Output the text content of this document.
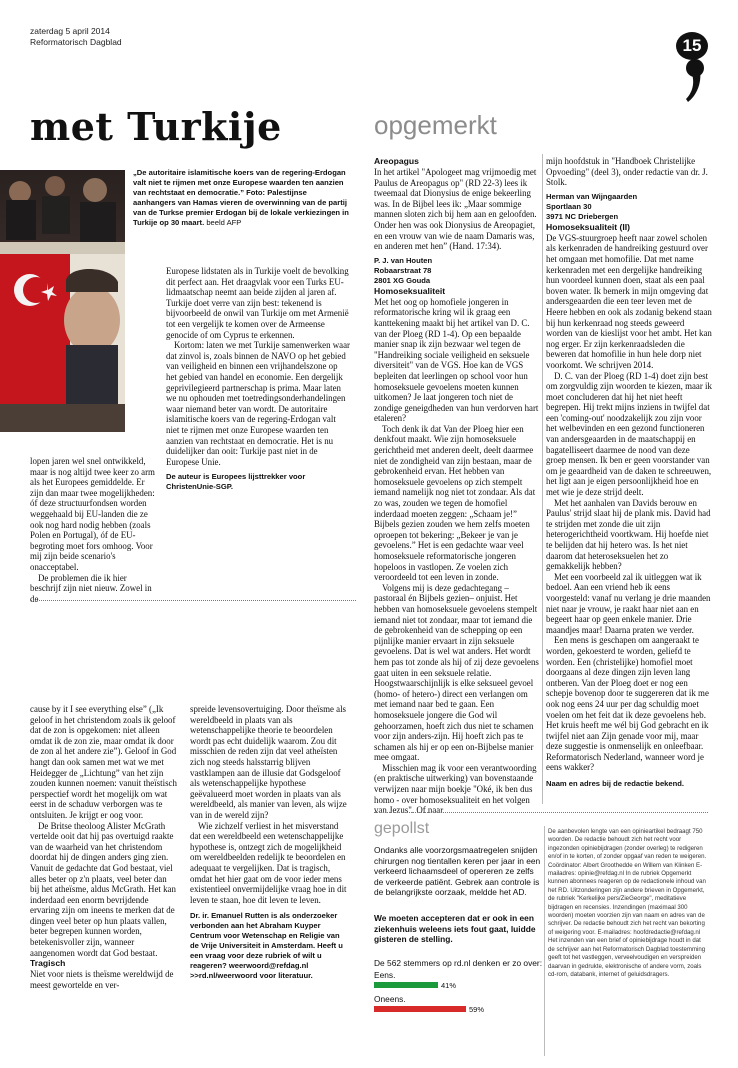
zaterdag 5 april 2014
Reformatorisch Dagblad	15
met Turkije	opgemerkt
„De autoritaire islamitische koers van de regering-Erdogan valt niet te rijmen met onze Europese waarden ten aanzien van rechtstaat en democratie.” Foto: Palestijnse aanhangers van Hamas vieren de overwinning van de partij van de Turkse premier Erdogan bij de lokale verkiezingen in Turkije op 30 maart. beeld AFP

lopen jaren wel snel ontwikkeld, maar is nog altijd twee keer zo arm als het Europees gemiddelde. Er zijn dan maar twee mogelijkheden: óf deze structuurfondsen worden weggehaald bij EU-landen die ze ook nog hard nodig hebben (zoals Polen en Portugal), óf de EU-begroting moet fors omhoog. Voor mij zijn beide scenario's onacceptabel.

De problemen die ik hier beschrijf zijn niet nieuw. Zowel in de

Europese lidstaten als in Turkije voelt de bevolking dit perfect aan. Het draagvlak voor een Turks EU-lidmaatschap neemt aan beide zijden al jaren af. Turkije doet verre van zijn best: tekenend is bijvoorbeeld de onwil van Turkije om met Armenië tot een vergelijk te komen over de Armeense genocide of om Cyprus te erkennen.

Kortom: laten we met Turkije samenwerken waar dat zinvol is, zoals binnen de NAVO op het gebied van veiligheid en binnen een vrijhandelszone op het gebied van handel en economie. Een dergelijk geprivilegieerd partnerschap is prima. Maar laten we nu ophouden met toetredingsonderhandelingen waar niemand beter van wordt. De autoritaire islamitische koers van de regering-Erdogan valt niet te rijmen met onze Europese waarden ten aanzien van rechtstaat en democratie. Het is nu duidelijker dan ooit: Turkije past niet in de Europese Unie.

De auteur is Europees lijsttrekker voor ChristenUnie-SGP.

cause by it I see everything else” („Ik geloof in het christendom zoals ik geloof dat de zon is opgekomen: niet alleen omdat ik de zon zie, maar omdat ik door de zon al het andere zie”). Geloof in God hangt dan ook samen met wat we met Heidegger de „Lichtung” van het zijn zouden kunnen noemen: vanuit theïstisch perspectief wordt het mogelijk om wat eerst in de schaduw verborgen was te ontsluiten. Je krijgt er oog voor.

De Britse theoloog Alister McGrath vertelde ooit dat hij pas overtuigd raakte van de waarheid van het christendom doordat hij de dingen anders ging zien. Vanuit de gedachte dat God bestaat, viel alles beter op z'n plaats, veel beter dan bij het atheïsme, aldus McGrath. Het kan inderdaad een enorm bevrijdende ervaring zijn om ineens te merken dat de dingen veel beter op hun plaats vallen, beter begrepen kunnen worden, betekenisvoller zijn, wanneer aangenomen wordt dat God bestaat.

Tragisch

Niet voor niets is theïsme wereldwijd de meest gewortelde en ver-

spreide levensovertuiging. Door theïsme als wereldbeeld in plaats van als wetenschappelijke theorie te beoordelen wordt pas echt duidelijk waarom. Zou dit misschien de reden zijn dat veel atheïsten zich nog steeds halsstarrig blijven vastklampen aan de illusie dat Godsgeloof als wetenschappelijke hypothese geëvalueerd moet worden in plaats van als wereldbeeld, als manier van leven, als wijze van in de wereld zijn?

Wie zichzelf verliest in het misverstand dat een wereldbeeld een wetenschappelijke hypothese is, ontzegt zich de mogelijkheid om wereldbeelden redelijk te beoordelen en adequaat te vergelijken. Dat is tragisch, omdat het hier gaat om de voor ieder mens existentieel onvermijdelijke vraag hoe in dit leven te staan, hoe dit leven te leven.

Dr. ir. Emanuel Rutten is als onderzoeker verbonden aan het Abraham Kuyper Centrum voor Wetenschap en Religie van de Vrije Universiteit in Amsterdam. Heeft u een vraag voor deze rubriek of wilt u reageren? weerwoord@refdag.nl >>rd.nl/weerwoord voor literatuur.

Areopagus

In het artikel "Apologeet mag vrijmoedig met Paulus de Areopagus op" (RD 22-3) lees ik tweemaal dat Dionysius de enige bekeerling was. In de Bijbel lees ik: „Maar sommige mannen sloten zich bij hem aan en geloofden. Onder hen was ook Dionysius de Areopagiet, en een vrouw van wie de naam Damaris was, en anderen met hen” (Hand. 17:34).

P. J. van Houten
Robaarstraat 78
2801 XG Gouda

Homoseksualiteit

Met het oog op homofiele jongeren in reformatorische kring wil ik graag een kanttekening maakt bij het artikel van D. C. van der Ploeg (RD 1-4). Op een bepaalde manier snap ik zijn bezwaar wel tegen de "Handreiking sociale veiligheid en seksuele diversiteit" van de VGS. Hoe kan de VGS bepleiten dat leerlingen op school voor hun homoseksuele gevoelens moeten kunnen uitkomen? Je laat jongeren toch niet de zondige geneigdheden van hun verdorven hart etaleren?

Toch denk ik dat Van der Ploeg hier een denkfout maakt. Wie zijn homoseksuele gerichtheid met anderen deelt, deelt daarmee niet de zondigheid van zijn bestaan, maar de gebrokenheid ervan. Het hebben van homoseksuele gevoelens op zich stempelt iemand namelijk nog niet tot zondaar. Als dat zo was, zouden we tegen de homofiel inderdaad moeten zeggen: „Schaam je!” Bijbels gezien zouden we hem zelfs moeten oproepen tot bekering: „Bekeer je van je gevoelens.” Het is een gedachte waar veel homoseksuele reformatorische jongeren hopeloos in vastlopen. Ze voelen zich veroordeeld tot een leven in zonde.

Volgens mij is deze gedachtegang –pastoraal én Bijbels gezien– onjuist. Het hebben van homoseksuele gevoelens stempelt iemand niet tot zondaar, maar tot iemand die de gebrokenheid van de schepping op een pijnlijke manier ervaart in zijn seksuele gevoelens. Dat is wel wat anders. Het wordt hem pas tot zonde als hij of zij deze gevoelens gaat uiten in een seksuele relatie. Hoogstwaarschijnlijk is elke seksueel gevoel (homo- of hetero-) direct een verlangen om met iemand naar bed te gaan. Een homoseksuele jongere die God wil gehoorzamen, hoeft zich dus niet te schamen voor zijn anders-zijn. Hij hoeft zich pas te schamen als hij er op een on-Bijbelse manier mee omgaat.

Misschien mag ik voor een verantwoording (en praktische uitwerking) van bovenstaande verwijzen naar mijn boekje "Oké, ik ben dus homo - over homoseksualiteit en het volgen van Jezus". Of naar

mijn hoofdstuk in "Handboek Christelijke Opvoeding" (deel 3), onder redactie van dr. J. Stolk.

Herman van Wijngaarden
Sportlaan 30
3971 NC Driebergen

Homoseksualiteit (II)

De VGS-stuurgroep heeft naar zowel scholen als kerkenraden de handreiking gestuurd over het omgaan met homofilie. Dat met name kerkenraden met een dergelijke handreiking hun voordeel kunnen doen, staat als een paal boven water. Ik bemerk in mijn omgeving dat andersgeaarden die een teer leven met de Heere hebben en ook als zodanig bekend staan bij hun kerkenraad nog steeds geweerd worden van de kieslijst voor het ambt. Het kan nog erger. Er zijn kerkenraadsleden die beweren dat homofilie in hun hele dorp niet voorkomt. We schrijven 2014.

D. C. van der Ploeg (RD 1-4) doet zijn best om zorgvuldig zijn woorden te kiezen, maar ik moet concluderen dat hij het niet heeft begrepen. Hij trekt mijns inziens in twijfel dat een 'coming-out' noodzakelijk zou zijn voor het welbevinden en een gezond functioneren van andersgeaarden in de maatschappij en bagatelliseert daarmee de nood van deze groep mensen. Ik ben er geen voorstander van om je geaardheid van de daken te schreeuwen, het ligt aan je eigen persoonlijkheid hoe en met wie je deze strijd deelt.

Met het aanhalen van Davids berouw en Paulus' strijd slaat hij de plank mis. David had te strijden met zonde die uit zijn heterogerichtheid voortkwam. Hij hoefde niet te belijden dat hij hetero was. Is het niet daarom dat heteroseksuelen het zo gemakkelijk hebben?

Met een voorbeeld zal ik uitleggen wat ik bedoel. Aan een vriend heb ik eens voorgesteld: vanaf nu verlang je drie maanden niet naar je vrouw, je raakt haar niet aan en begeert haar op geen enkele manier. Drie maandjes maar! Daarna praten we verder.

Een mens is geschapen om aangeraakt te worden, gekoesterd te worden, geliefd te worden. Een (christelijke) homofiel moet doorgaans al deze dingen zijn leven lang ontberen. Van der Ploeg doet er nog een schepje bovenop door te suggereren dat ik me ook nog eens 24 uur per dag schuldig moet voelen om het feit dat ik deze gevoelens heb. Het kruis heeft me wél bij God gebracht en ik twijfel niet aan Zijn genade voor mij, maar deze suggestie is onmenselijk en onleefbaar. Reformatorisch Nederland, wanneer word je eens wakker?

Naam en adres bij de redactie bekend.

gepollst
Ondanks alle voorzorgsmaatregelen snijden chirurgen nog tientallen keren per jaar in een verkeerd lichaamsdeel of opereren ze zelfs de verkeerde patiënt. Gebrek aan controle is de belangrijkste oorzaak, meldde het AD.
We moeten accepteren dat er ook in een ziekenhuis weleens iets fout gaat, luidde gisteren de stelling.
De 562 stemmers op rd.nl denken er zo over:
Eens.
41%
Oneens.
59%
De aanbevolen lengte van een opinieartikel bedraagt 750 woorden. De redactie behoudt zich het recht voor ingezonden opiniebijdragen (zonder overleg) te redigeren en/of in te korten, of zonder opgaaf van reden te weigeren. Coördinator: Albert Groothedde en Willem van Klinken E-mailadres: opinie@refdag.nl In de rubriek Opgemerkt kunnen abonnees reageren op de redactionele inhoud van het RD. Uitzonderingen zijn andere brieven in Opgemerkt, de rubriek "Kerkelijke pers/ZieGeorge", meditatieve bijdragen en recensies. Inzendingen (maximaal 300 woorden) moeten voorzien zijn van naam en adres van de schrijver. De redactie behoudt zich het recht van bekorting of weigering voor. E-mailadres: hoofdredactie@refdag.nl Het inzenden van een brief of opiniebijdrage houdt in dat de schrijver aan het Reformatorisch Dagblad toestemming geeft tot het vastleggen, verveelvoudigen en verspreiden daarvan in gedrukte, elektronische of andere vorm, zoals cd-rom, databank, internet of geluidsdragers.
